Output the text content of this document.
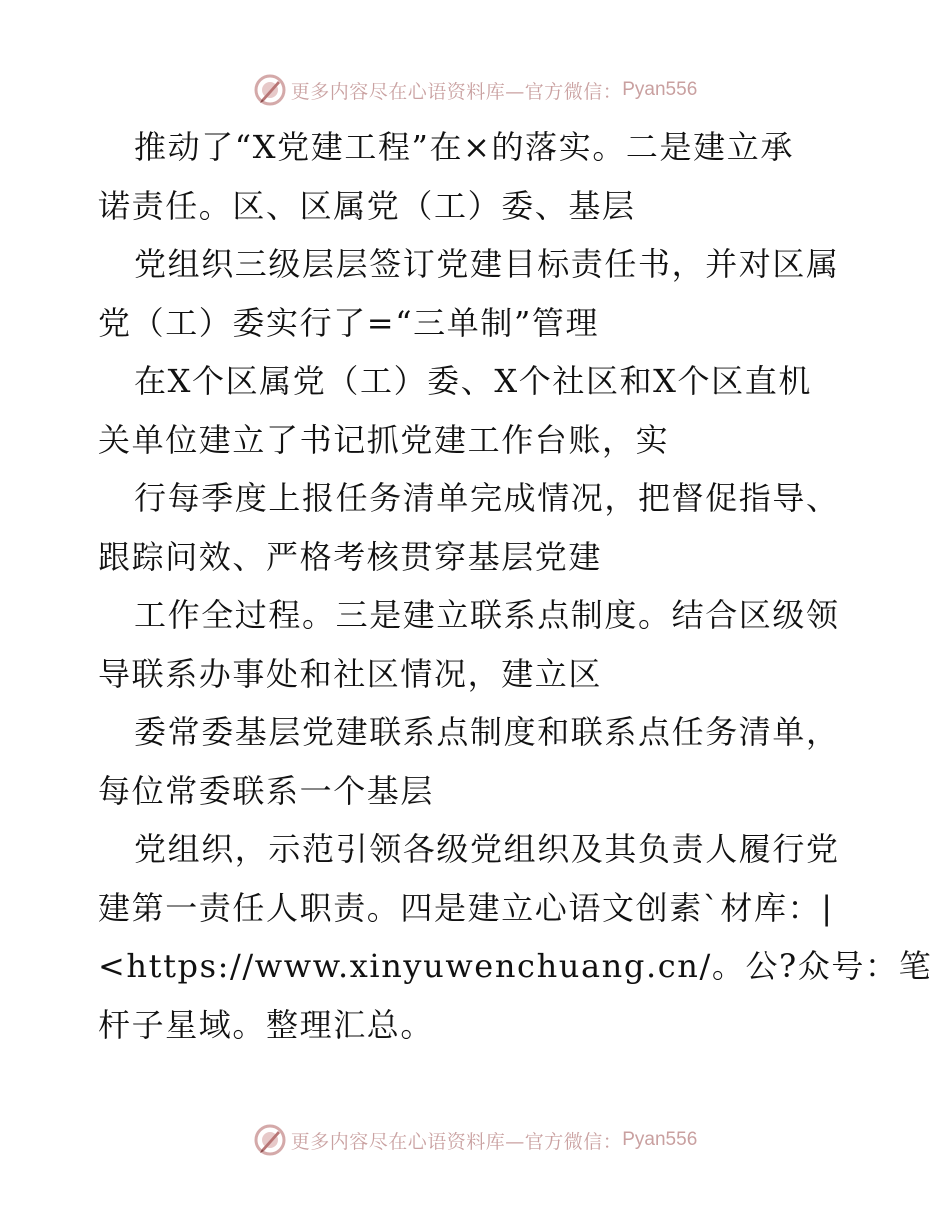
更多内容尽在心语资料库—官方微信： Pyan556
推动了“X党建工程”在×的落实。二是建立承
诺责任。区、区属党（工）委、基层
党组织三级层层签订党建目标责任书，并对区属
党（工）委实行了=“三单制”管理
在X个区属党（工）委、X个社区和X个区直机
关单位建立了书记抓党建工作台账，实
行每季度上报任务清单完成情况，把督促指导、
跟踪问效、严格考核贯穿基层党建
工作全过程。三是建立联系点制度。结合区级领
导联系办事处和社区情况，建立区
委常委基层党建联系点制度和联系点任务清单，
每位常委联系一个基层
党组织，示范引领各级党组织及其负责人履行党
建第一责任人职责。四是建立心语文创素`材库：|
<https://www.xinyuwenchuang.cn/。公?众号：笔
杆子星域。整理汇总。
更多内容尽在心语资料库—官方微信： Pyan556
